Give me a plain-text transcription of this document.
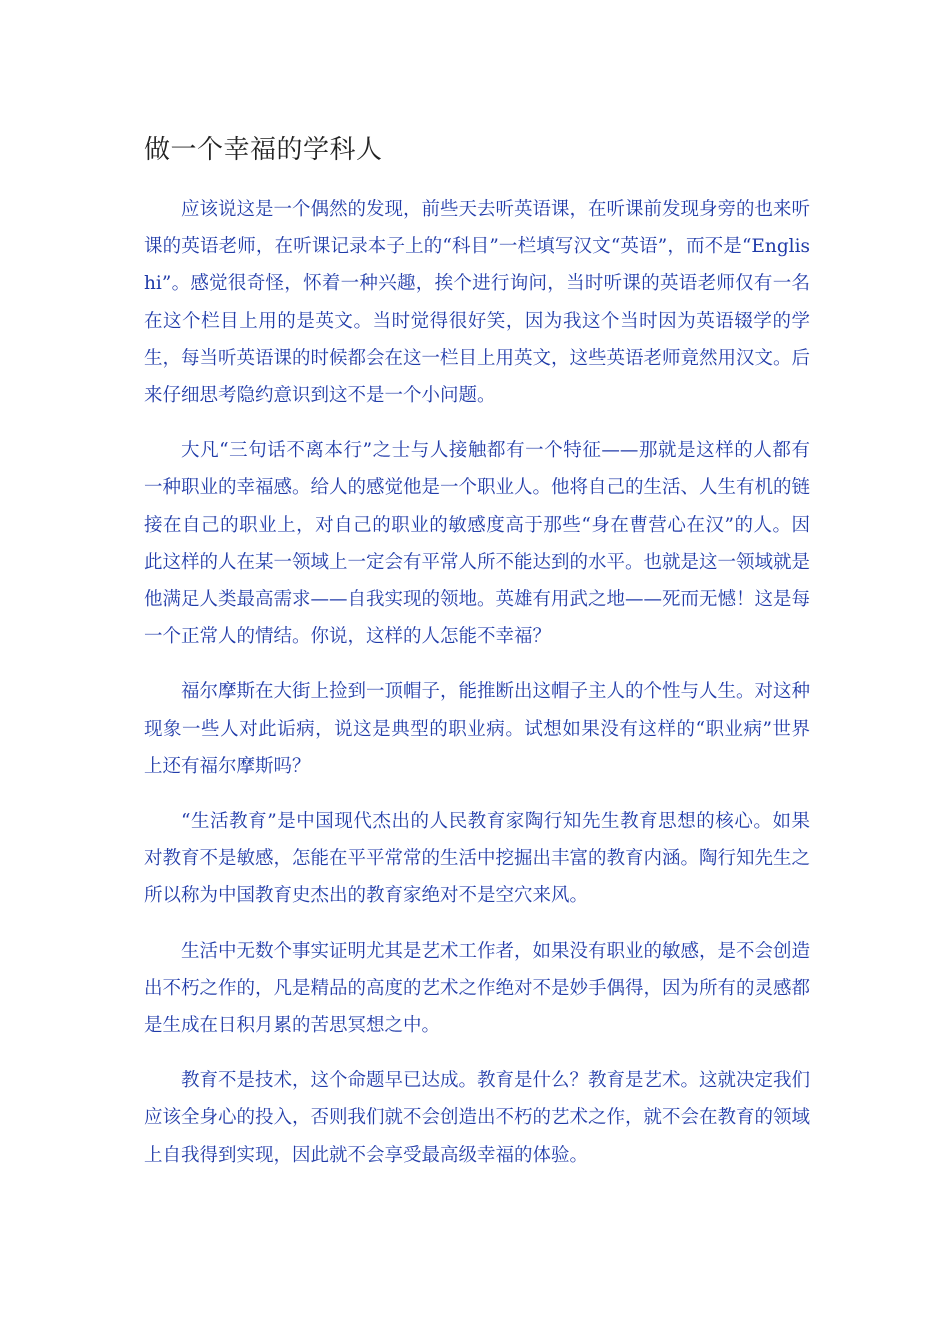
做一个幸福的学科人

应该说这是一个偶然的发现，前些天去听英语课，在听课前发现身旁的也来听课的英语老师，在听课记录本子上的“科目”一栏填写汉文“英语”，而不是“Englishi”。感觉很奇怪，怀着一种兴趣，挨个进行询问，当时听课的英语老师仅有一名在这个栏目上用的是英文。当时觉得很好笑，因为我这个当时因为英语辍学的学生，每当听英语课的时候都会在这一栏目上用英文，这些英语老师竟然用汉文。后来仔细思考隐约意识到这不是一个小问题。

大凡“三句话不离本行”之士与人接触都有一个特征——那就是这样的人都有一种职业的幸福感。给人的感觉他是一个职业人。他将自己的生活、人生有机的链接在自己的职业上，对自己的职业的敏感度高于那些“身在曹营心在汉”的人。因此这样的人在某一领域上一定会有平常人所不能达到的水平。也就是这一领域就是他满足人类最高需求——自我实现的领地。英雄有用武之地——死而无憾！这是每一个正常人的情结。你说，这样的人怎能不幸福？

福尔摩斯在大街上捡到一顶帽子，能推断出这帽子主人的个性与人生。对这种现象一些人对此诟病，说这是典型的职业病。试想如果没有这样的“职业病”世界上还有福尔摩斯吗？

“生活教育”是中国现代杰出的人民教育家陶行知先生教育思想的核心。如果对教育不是敏感，怎能在平平常常的生活中挖掘出丰富的教育内涵。陶行知先生之所以称为中国教育史杰出的教育家绝对不是空穴来风。

生活中无数个事实证明尤其是艺术工作者，如果没有职业的敏感，是不会创造出不朽之作的，凡是精品的高度的艺术之作绝对不是妙手偶得，因为所有的灵感都是生成在日积月累的苦思冥想之中。

教育不是技术，这个命题早已达成。教育是什么？教育是艺术。这就决定我们应该全身心的投入，否则我们就不会创造出不朽的艺术之作，就不会在教育的领域上自我得到实现，因此就不会享受最高级幸福的体验。
